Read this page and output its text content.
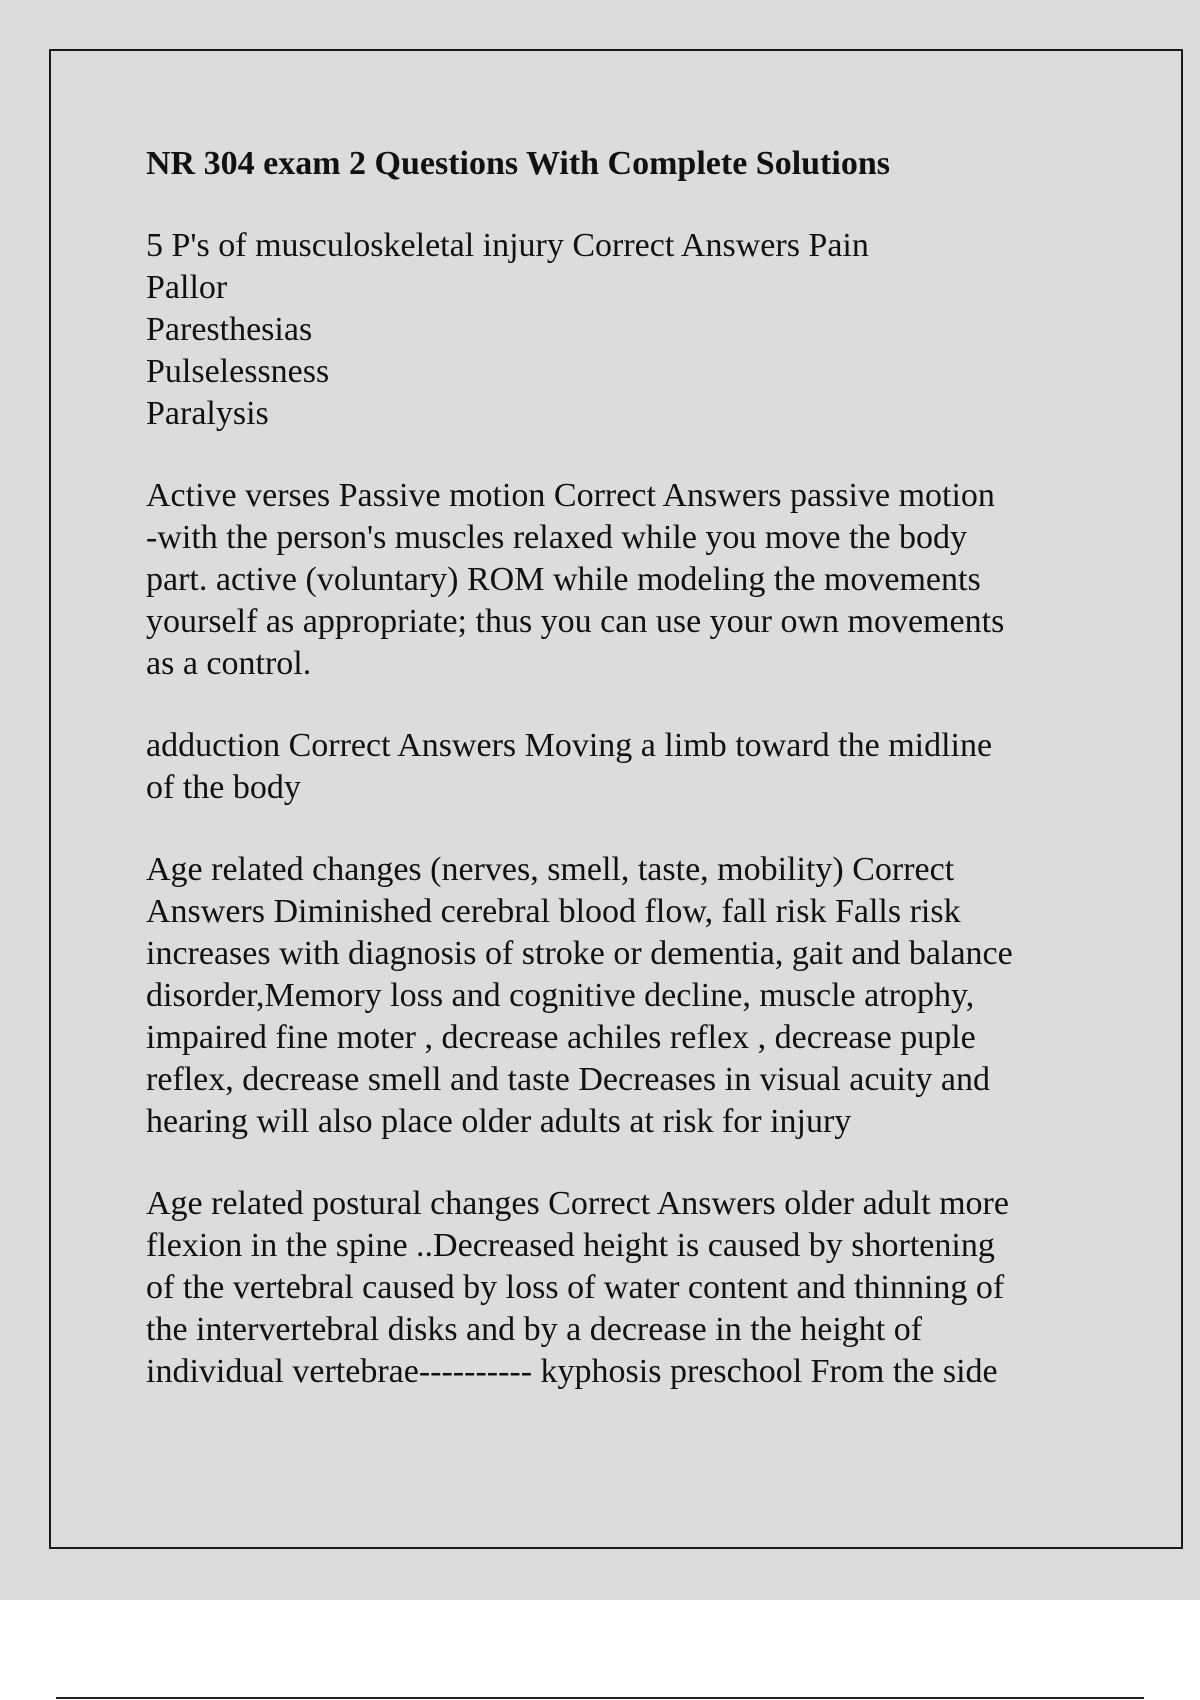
NR 304 exam 2 Questions With Complete Solutions
5 P's of musculoskeletal injury Correct Answers Pain
Pallor
Paresthesias
Pulselessness
Paralysis
Active verses Passive motion Correct Answers passive motion
-with the person's muscles relaxed while you move the body
part. active (voluntary) ROM while modeling the movements
yourself as appropriate; thus you can use your own movements
as a control.
adduction Correct Answers Moving a limb toward the midline
of the body
Age related changes (nerves, smell, taste, mobility) Correct
Answers Diminished cerebral blood flow, fall risk Falls risk
increases with diagnosis of stroke or dementia, gait and balance
disorder,Memory loss and cognitive decline, muscle atrophy,
impaired fine moter , decrease achiles reflex , decrease puple
reflex, decrease smell and taste Decreases in visual acuity and
hearing will also place older adults at risk for injury
Age related postural changes Correct Answers older adult more
flexion in the spine ..Decreased height is caused by shortening
of the vertebral caused by loss of water content and thinning of
the intervertebral disks and by a decrease in the height of
individual vertebrae---------- kyphosis preschool From the side
